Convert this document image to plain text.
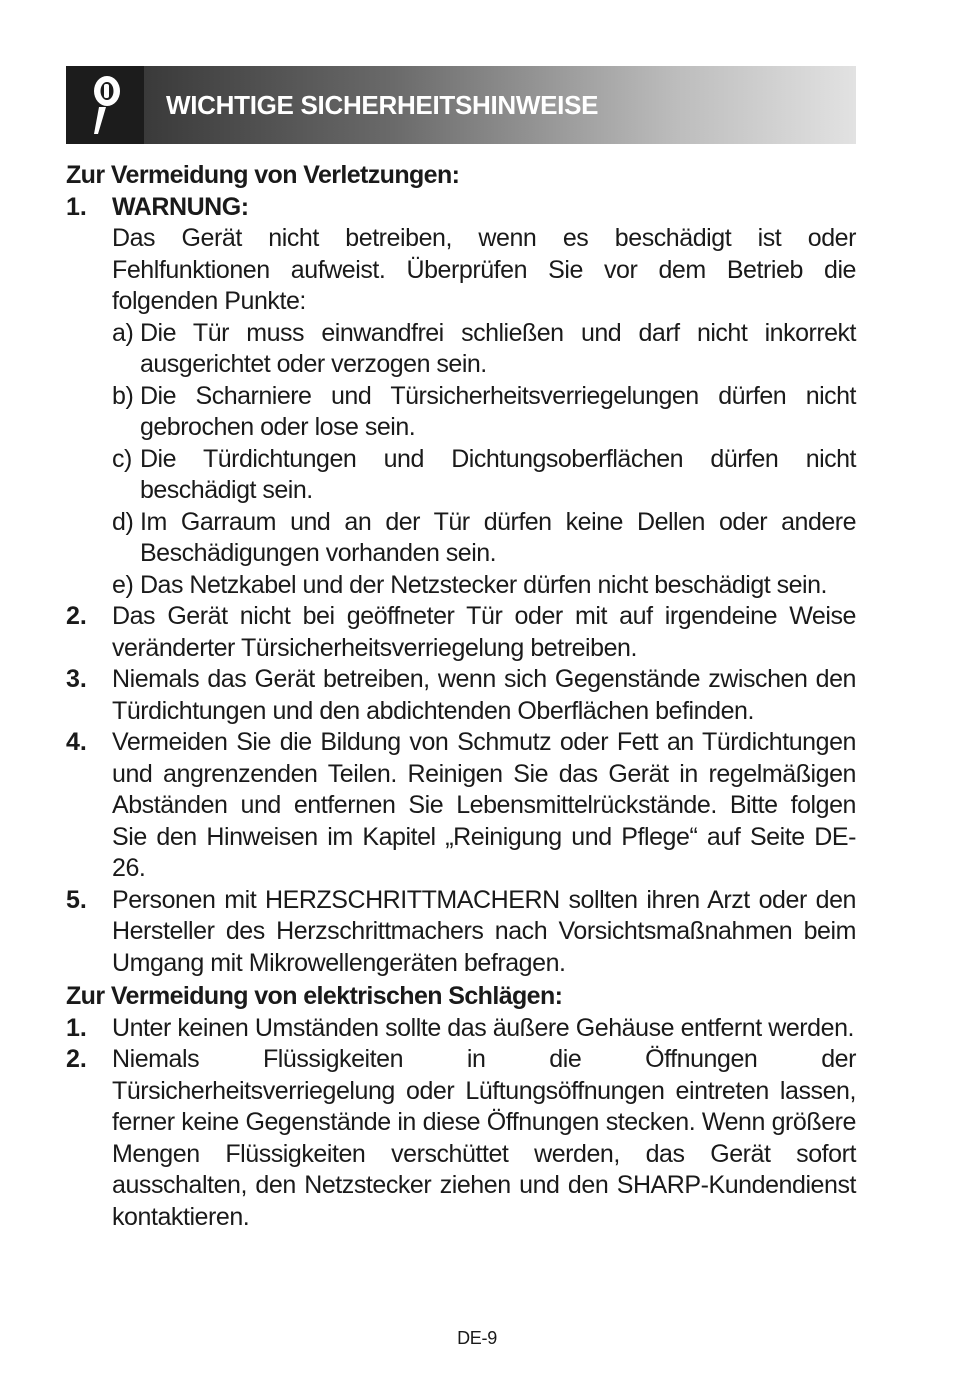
WICHTIGE SICHERHEITSHINWEISE
Zur Vermeidung von Verletzungen:
1.	WARNUNG:
Das Gerät nicht betreiben, wenn es beschädigt ist oder Fehlfunktionen aufweist. Überprüfen Sie vor dem Betrieb die folgenden Punkte:
a) Die Tür muss einwandfrei schließen und darf nicht inkorrekt ausgerichtet oder verzogen sein.
b) Die Scharniere und Türsicherheitsverriegelungen dürfen nicht gebrochen oder lose sein.
c) Die Türdichtungen und Dichtungsoberflächen dürfen nicht beschädigt sein.
d) Im Garraum und an der Tür dürfen keine Dellen oder andere Beschädigungen vorhanden sein.
e) Das Netzkabel und der Netzstecker dürfen nicht beschädigt sein.
2.	Das Gerät nicht bei geöffneter Tür oder mit auf irgendeine Weise veränderter Türsicherheitsverriegelung betreiben.
3.	Niemals das Gerät betreiben, wenn sich Gegenstände zwischen den Türdichtungen und den abdichtenden Oberflächen befinden.
4.	Vermeiden Sie die Bildung von Schmutz oder Fett an Türdichtungen und angrenzenden Teilen. Reinigen Sie das Gerät in regelmäßigen Abständen und entfernen Sie Lebensmittelrückstände. Bitte folgen Sie den Hinweisen im Kapitel „Reinigung und Pflege“ auf Seite DE-26.
5.	Personen mit HERZSCHRITTMACHERN sollten ihren Arzt oder den Hersteller des Herzschrittmachers nach Vorsichtsmaßnahmen beim Umgang mit Mikrowellengeräten befragen.
Zur Vermeidung von elektrischen Schlägen:
1.	Unter keinen Umständen sollte das äußere Gehäuse entfernt werden.
2.	Niemals Flüssigkeiten in die Öffnungen der Türsicherheitsverriegelung oder Lüftungsöffnungen eintreten lassen, ferner keine Gegenstände in diese Öffnungen stecken. Wenn größere Mengen Flüssigkeiten verschüttet werden, das Gerät sofort ausschalten, den Netzstecker ziehen und den SHARP-Kundendienst kontaktieren.
DE-9
